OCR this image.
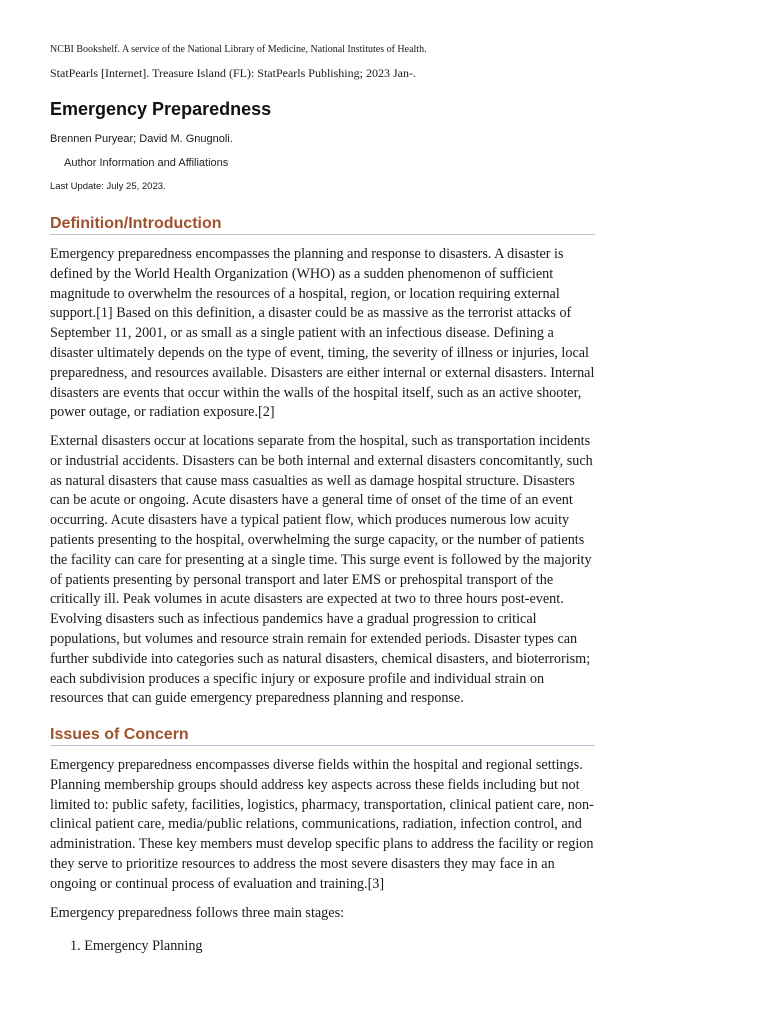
NCBI Bookshelf. A service of the National Library of Medicine, National Institutes of Health.
StatPearls [Internet]. Treasure Island (FL): StatPearls Publishing; 2023 Jan-.
Emergency Preparedness
Brennen Puryear; David M. Gnugnoli.
Author Information and Affiliations
Last Update: July 25, 2023.
Definition/Introduction

Emergency preparedness encompasses the planning and response to disasters. A disaster is defined by the World Health Organization (WHO) as a sudden phenomenon of sufficient magnitude to overwhelm the resources of a hospital, region, or location requiring external support.[1] Based on this definition, a disaster could be as massive as the terrorist attacks of September 11, 2001, or as small as a single patient with an infectious disease. Defining a disaster ultimately depends on the type of event, timing, the severity of illness or injuries, local preparedness, and resources available. Disasters are either internal or external disasters. Internal disasters are events that occur within the walls of the hospital itself, such as an active shooter, power outage, or radiation exposure.[2]

External disasters occur at locations separate from the hospital, such as transportation incidents or industrial accidents. Disasters can be both internal and external disasters concomitantly, such as natural disasters that cause mass casualties as well as damage hospital structure. Disasters can be acute or ongoing. Acute disasters have a general time of onset of the time of an event occurring. Acute disasters have a typical patient flow, which produces numerous low acuity patients presenting to the hospital, overwhelming the surge capacity, or the number of patients the facility can care for presenting at a single time. This surge event is followed by the majority of patients presenting by personal transport and later EMS or prehospital transport of the critically ill. Peak volumes in acute disasters are expected at two to three hours post-event. Evolving disasters such as infectious pandemics have a gradual progression to critical populations, but volumes and resource strain remain for extended periods. Disaster types can further subdivide into categories such as natural disasters, chemical disasters, and bioterrorism; each subdivision produces a specific injury or exposure profile and individual strain on resources that can guide emergency preparedness planning and response.

Issues of Concern

Emergency preparedness encompasses diverse fields within the hospital and regional settings. Planning membership groups should address key aspects across these fields including but not limited to: public safety, facilities, logistics, pharmacy, transportation, clinical patient care, non-clinical patient care, media/public relations, communications, radiation, infection control, and administration. These key members must develop specific plans to address the facility or region they serve to prioritize resources to address the most severe disasters they may face in an ongoing or continual process of evaluation and training.[3]

Emergency preparedness follows three main stages:

1. Emergency Planning
